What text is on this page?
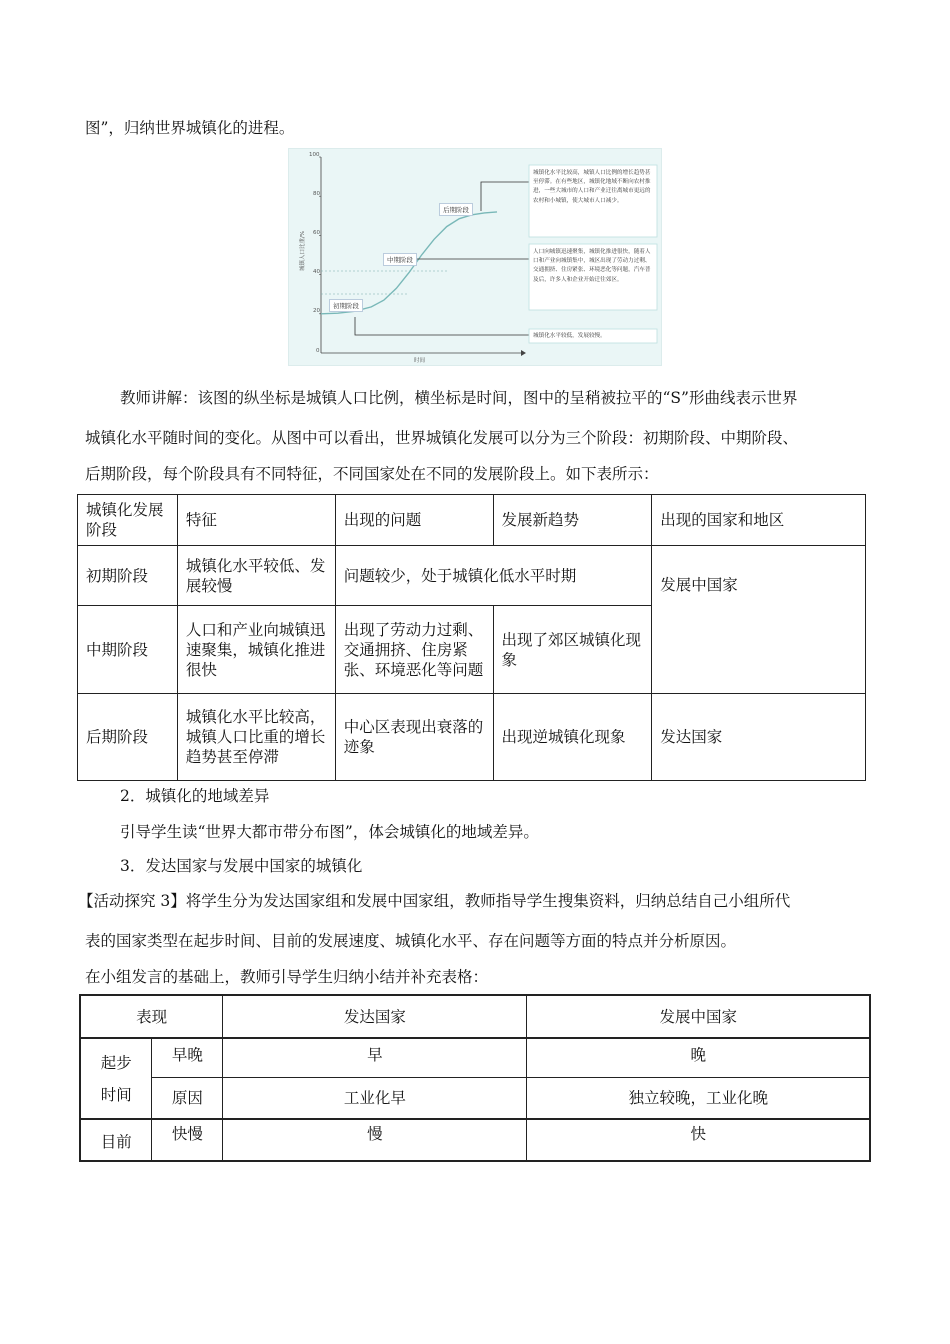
图”，归纳世界城镇化的进程。
100
80
60
40
20
0
城镇人口比重/%
时间
初期阶段
中期阶段
后期阶段
城镇化水平比较高，城镇人口比例的增长趋势甚至停滞。在有些地区，城镇化地域不断向农村推进，一些大城市的人口和产业迁往离城市更远的农村和小城镇，使大城市人口减少。
人口向城镇迅速聚集，城镇化推进很快，随着人口和产业向城镇集中，城区出现了劳动力过剩、交通拥挤、住房紧张、环境恶化等问题，汽车普及后，许多人和企业开始迁往郊区。
城镇化水平较低，发展较慢。
教师讲解：该图的纵坐标是城镇人口比例，横坐标是时间，图中的呈稍被拉平的“S”形曲线表示世界
城镇化水平随时间的变化。从图中可以看出，世界城镇化发展可以分为三个阶段：初期阶段、中期阶段、
后期阶段，每个阶段具有不同特征，不同国家处在不同的发展阶段上。如下表所示：
城镇化发展阶段	特征	出现的问题	发展新趋势	出现的国家和地区
初期阶段	城镇化水平较低、发展较慢	问题较少，处于城镇化低水平时期		发展中国家
中期阶段	人口和产业向城镇迅速聚集，城镇化推进很快	出现了劳动力过剩、交通拥挤、住房紧张、环境恶化等问题	出现了郊区城镇化现象	
后期阶段	城镇化水平比较高，城镇人口比重的增长趋势甚至停滞	中心区表现出衰落的迹象	出现逆城镇化现象	发达国家
2．城镇化的地域差异
引导学生读“世界大都市带分布图”，体会城镇化的地域差异。
3．发达国家与发展中国家的城镇化
【活动探究 3】将学生分为发达国家组和发展中国家组，教师指导学生搜集资料，归纳总结自己小组所代
表的国家类型在起步时间、目前的发展速度、城镇化水平、存在问题等方面的特点并分析原因。
在小组发言的基础上，教师引导学生归纳小结并补充表格：
表现		发达国家	发展中国家
起步时间	早晚	早	晚
	原因	工业化早	独立较晚，工业化晚
目前	快慢	慢	快
